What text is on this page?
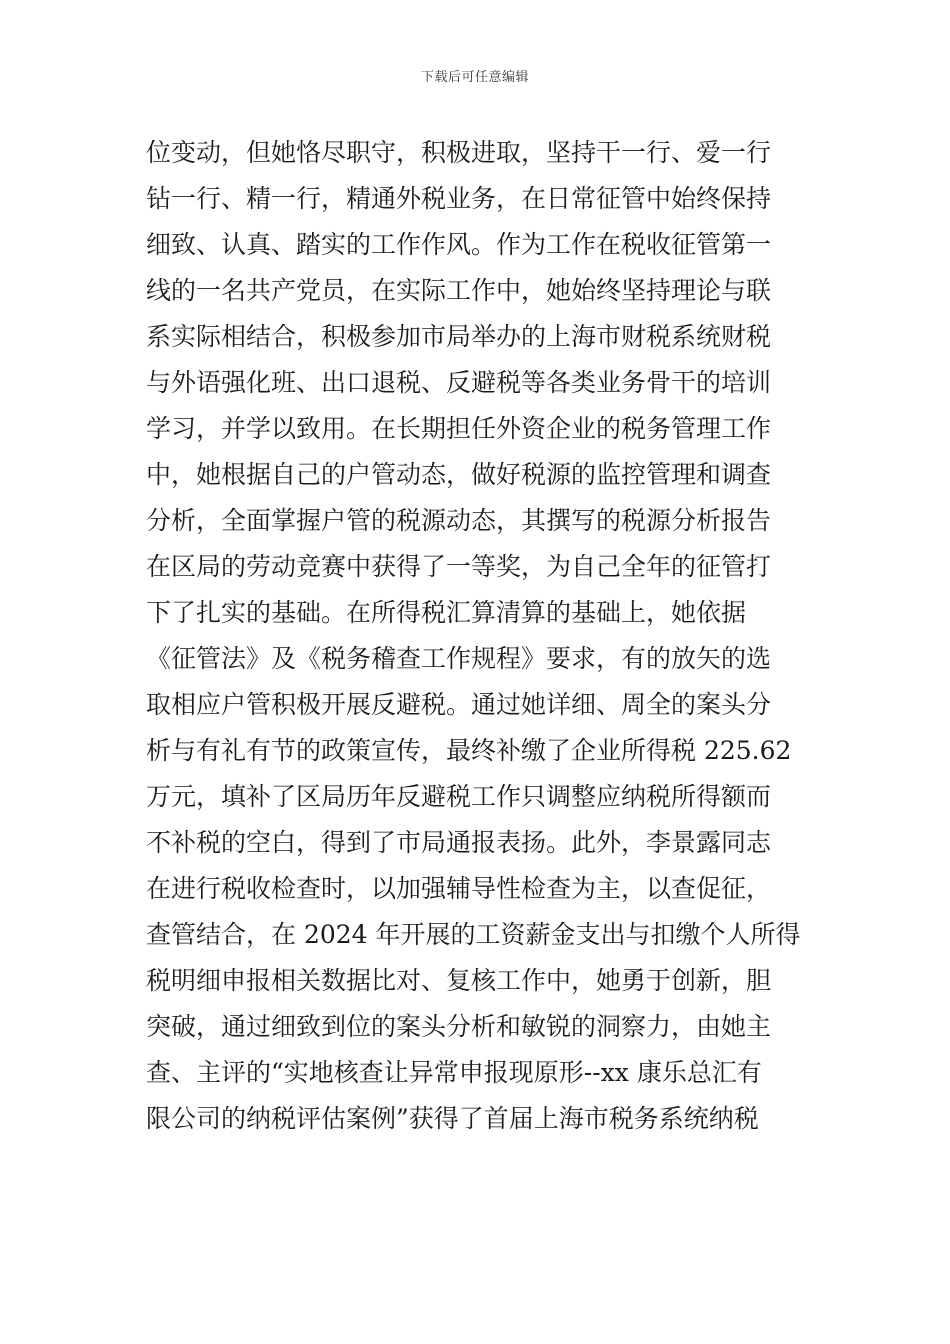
下载后可任意编辑
位变动，但她恪尽职守，积极进取，坚持干一行、爱一行
钻一行、精一行，精通外税业务，在日常征管中始终保持
细致、认真、踏实的工作作风。作为工作在税收征管第一
线的一名共产党员，在实际工作中，她始终坚持理论与联
系实际相结合，积极参加市局举办的上海市财税系统财税
与外语强化班、出口退税、反避税等各类业务骨干的培训
学习，并学以致用。在长期担任外资企业的税务管理工作
中，她根据自己的户管动态，做好税源的监控管理和调查
分析，全面掌握户管的税源动态，其撰写的税源分析报告
在区局的劳动竞赛中获得了一等奖，为自己全年的征管打
下了扎实的基础。在所得税汇算清算的基础上，她依据
《征管法》及《税务稽查工作规程》要求，有的放矢的选
取相应户管积极开展反避税。通过她详细、周全的案头分
析与有礼有节的政策宣传，最终补缴了企业所得税 225.62
万元，填补了区局历年反避税工作只调整应纳税所得额而
不补税的空白，得到了市局通报表扬。此外，李景露同志
在进行税收检查时，以加强辅导性检查为主，以查促征，
查管结合，在 2024 年开展的工资薪金支出与扣缴个人所得
税明细申报相关数据比对、复核工作中，她勇于创新，胆
突破，通过细致到位的案头分析和敏锐的洞察力，由她主
查、主评的“实地核查让异常申报现原形--xx 康乐总汇有
限公司的纳税评估案例”获得了首届上海市税务系统纳税
